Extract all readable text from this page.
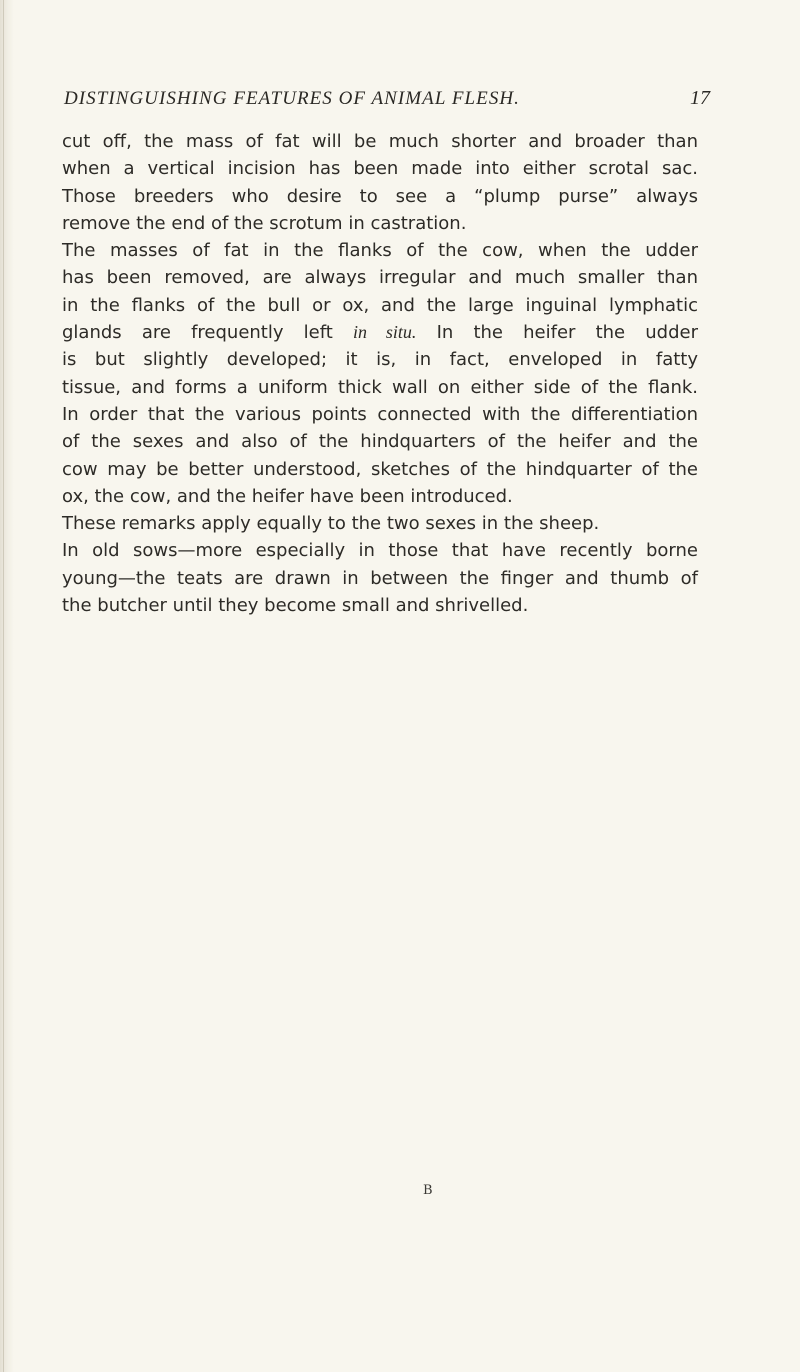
DISTINGUISHING FEATURES OF ANIMAL FLESH.	17

cut off, the mass of fat will be much shorter and broader than

when a vertical incision has been made into either scrotal sac.

Those breeders who desire to see a “plump purse” always

remove the end of the scrotum in castration.

The masses of fat in the flanks of the cow, when the udder

has been removed, are always irregular and much smaller than

in the flanks of the bull or ox, and the large inguinal lymphatic

glands are frequently left in situ. In the heifer the udder

is but slightly developed; it is, in fact, enveloped in fatty

tissue, and forms a uniform thick wall on either side of the flank.

In order that the various points connected with the differentiation

of the sexes and also of the hindquarters of the heifer and the

cow may be better understood, sketches of the hindquarter of the

ox, the cow, and the heifer have been introduced.

These remarks apply equally to the two sexes in the sheep.

In old sows—more especially in those that have recently borne

young—the teats are drawn in between the finger and thumb of

the butcher until they become small and shrivelled.

B
